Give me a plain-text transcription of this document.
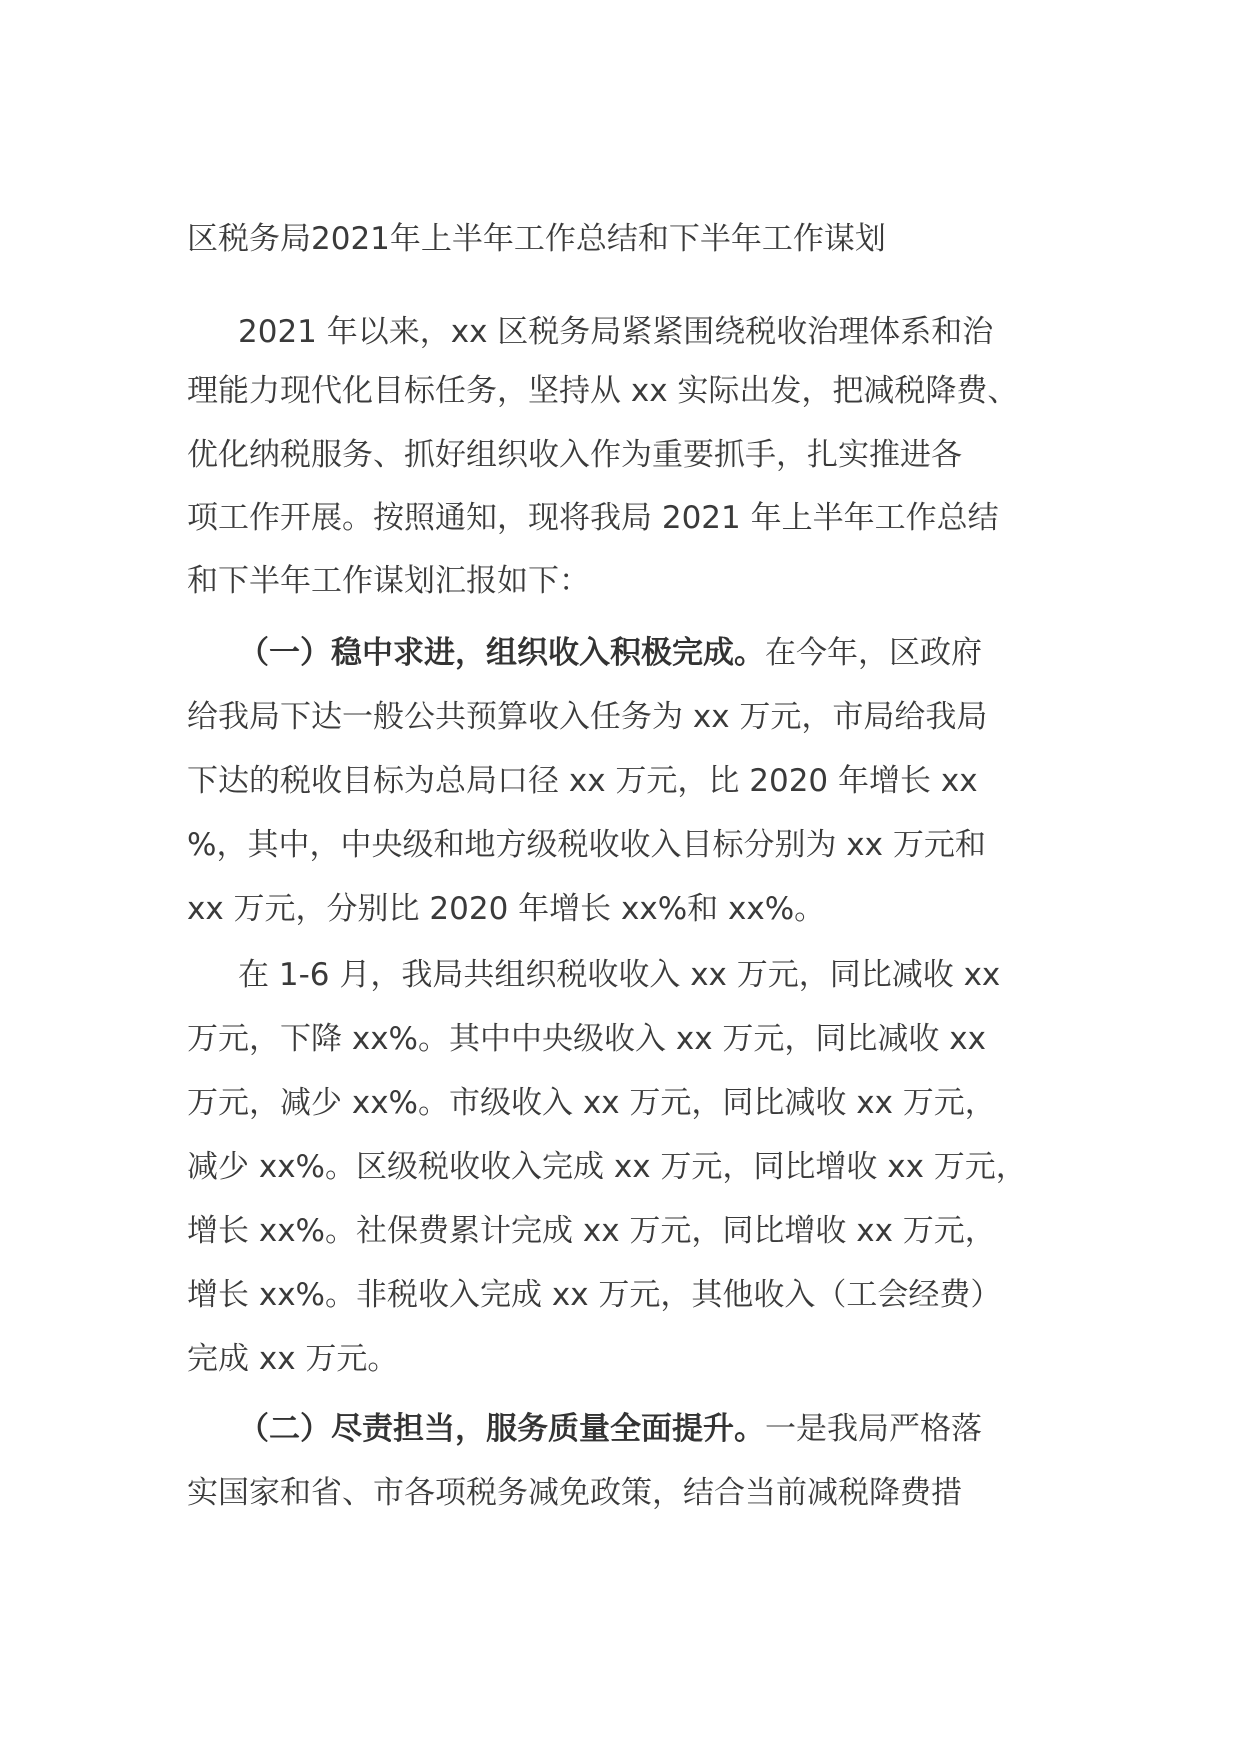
区税务局2021年上半年工作总结和下半年工作谋划

2021 年以来，xx 区税务局紧紧围绕税收治理体系和治

理能力现代化目标任务，坚持从 xx 实际出发，把减税降费、

优化纳税服务、抓好组织收入作为重要抓手，扎实推进各

项工作开展。按照通知，现将我局 2021 年上半年工作总结

和下半年工作谋划汇报如下：

（一）稳中求进，组织收入积极完成。在今年，区政府

给我局下达一般公共预算收入任务为 xx 万元，市局给我局

下达的税收目标为总局口径 xx 万元，比 2020 年增长 xx

%，其中，中央级和地方级税收收入目标分别为 xx 万元和

xx 万元，分别比 2020 年增长 xx%和 xx%。

在 1-6 月，我局共组织税收收入 xx 万元，同比减收 xx

万元，下降 xx%。其中中央级收入 xx 万元，同比减收 xx

万元，减少 xx%。市级收入 xx 万元，同比减收 xx 万元，

减少 xx%。区级税收收入完成 xx 万元，同比增收 xx 万元，

增长 xx%。社保费累计完成 xx 万元，同比增收 xx 万元，

增长 xx%。非税收入完成 xx 万元，其他收入（工会经费）

完成 xx 万元。

（二）尽责担当，服务质量全面提升。一是我局严格落

实国家和省、市各项税务减免政策，结合当前减税降费措
